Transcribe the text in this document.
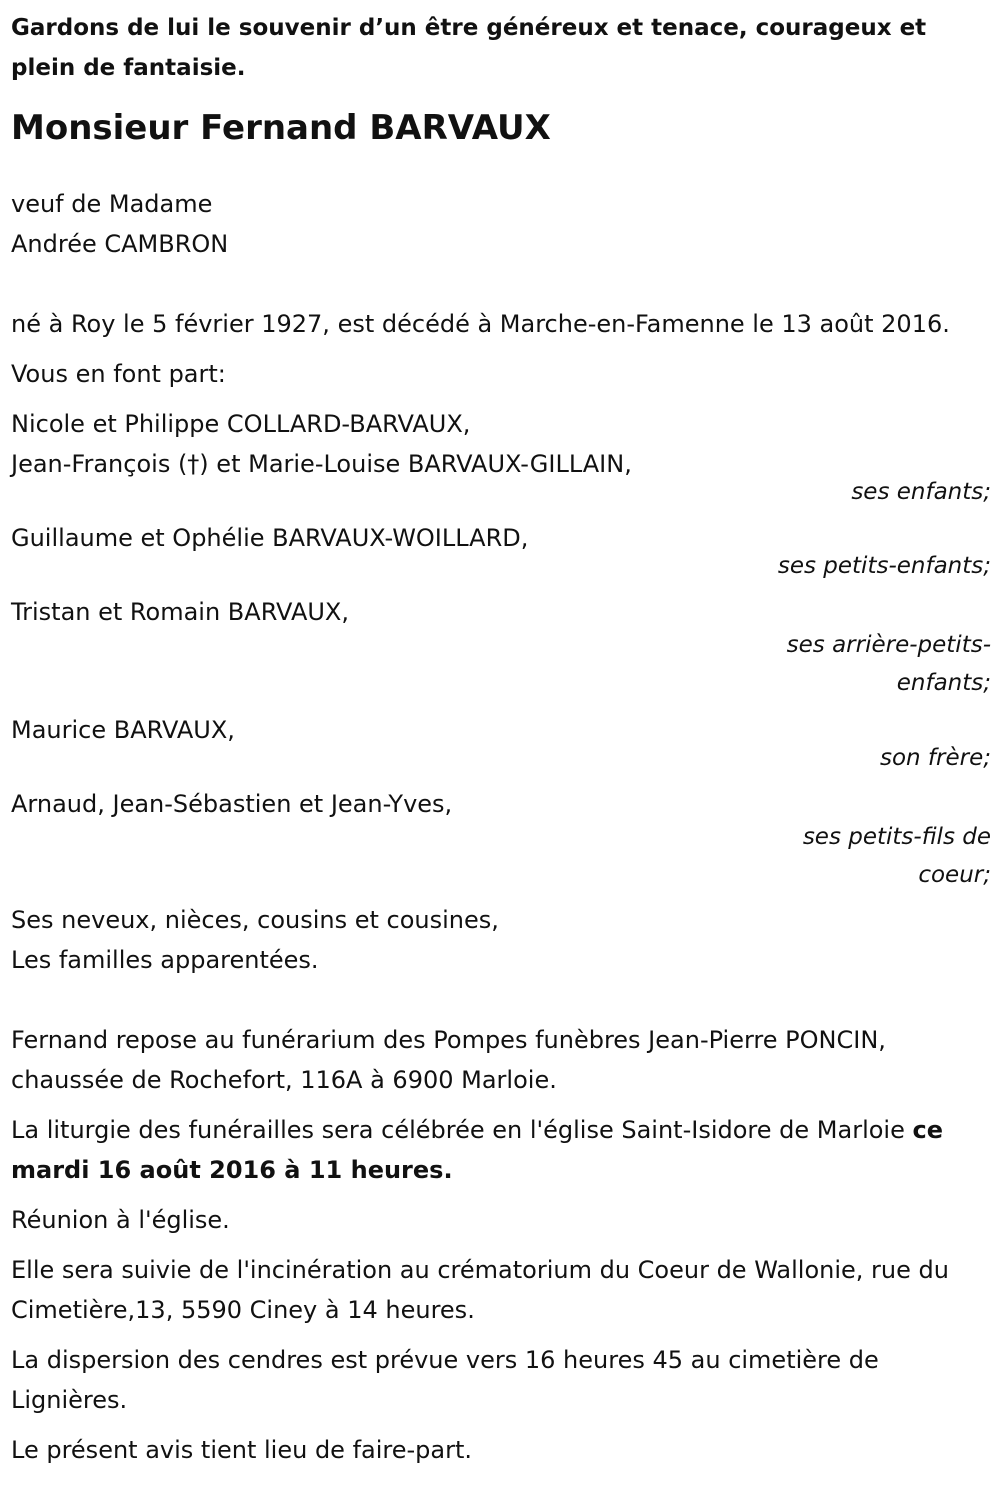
Gardons de lui le souvenir d’un être généreux et tenace, courageux et plein de fantaisie.

Monsieur Fernand BARVAUX

veuf de Madame
Andrée CAMBRON

né à Roy le 5 février 1927, est décédé à Marche-en-Famenne le 13 août 2016.

Vous en font part:

Nicole et Philippe COLLARD-BARVAUX,
Jean-François (†) et Marie-Louise BARVAUX-GILLAIN,

ses enfants;

Guillaume et Ophélie BARVAUX-WOILLARD,

ses petits-enfants;

Tristan et Romain BARVAUX,

ses arrière-petits-enfants;

Maurice BARVAUX,

son frère;

Arnaud, Jean-Sébastien et Jean-Yves,

ses petits-fils de coeur;

Ses neveux, nièces, cousins et cousines,
Les familles apparentées.

Fernand repose au funérarium des Pompes funèbres Jean-Pierre PONCIN, chaussée de Rochefort, 116A à 6900 Marloie.

La liturgie des funérailles sera célébrée en l'église Saint-Isidore de Marloie ce mardi 16 août 2016 à 11 heures.

Réunion à l'église.

Elle sera suivie de l'incinération au crématorium du Coeur de Wallonie, rue du Cimetière,13, 5590 Ciney à 14 heures.

La dispersion des cendres est prévue vers 16 heures 45 au cimetière de Lignières.

Le présent avis tient lieu de faire-part.
